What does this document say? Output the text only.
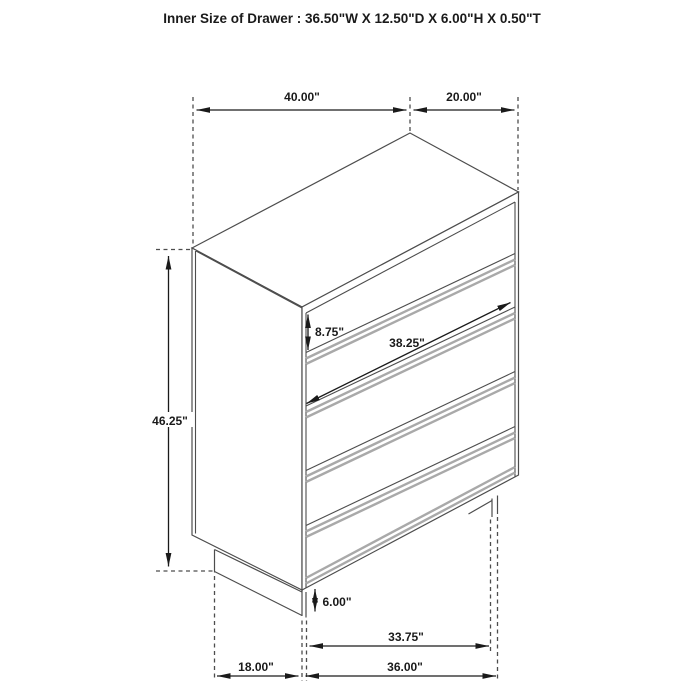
40.00"	20.00"
46.25"
8.75"
38.25"
6.00"
33.75"
18.00"	36.00"
Inner Size of Drawer : 36.50"W X 12.50"D X 6.00"H X 0.50"T
